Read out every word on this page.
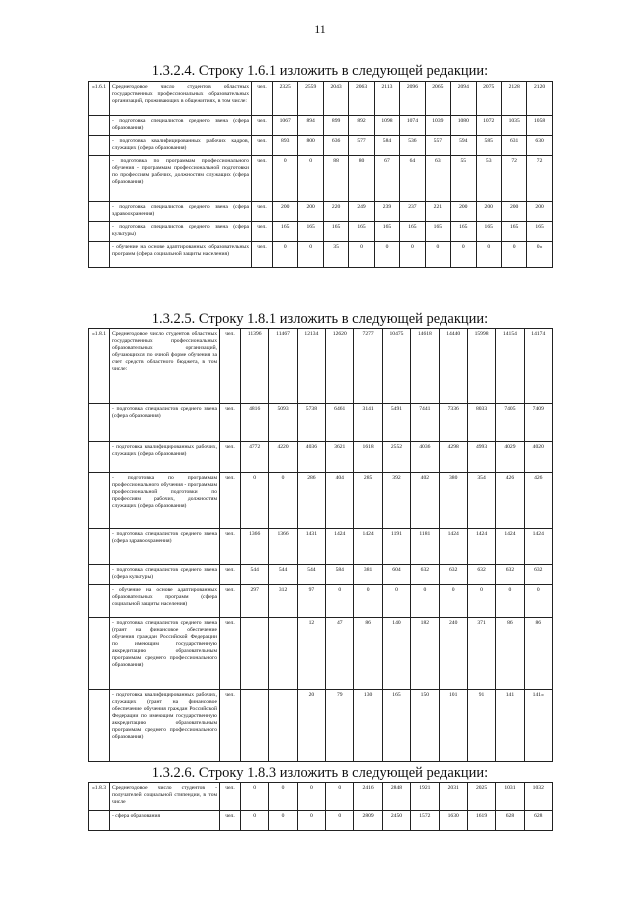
11
1.3.2.4. Строку 1.6.1 изложить в следующей редакции:
«1.6.1	Среднегодовое число студентов областных государственных профессиональных образовательных организаций, проживающих в общежитиях, в том числе:	чел.	2325	2559	2043	2063	2113	2096	2065	2094	2075	2128	2120
	- подготовка специалистов среднего звена (сфера образования)	чел.	1067	894	899	892	1098	1074	1039	1080	1072	1035	1058
	- подготовка квалифицированных рабочих кадров, служащих (сфера образования)	чел.	893	800	636	577	584	536	557	594	585	631	630
	- подготовка по программам профессионального обучения - программам профессиональной подготовки по профессиям рабочих, должностям служащих (сфера образования)	чел.	0	0	88	80	67	64	63	55	53	72	72
	- подготовка специалистов среднего звена (сфера здравоохранения)	чел.	200	200	220	249	239	237	221	200	200	200	200
	- подготовка специалистов среднего звена (сфера культуры)	чел.	165	165	165	165	165	165	165	165	165	165	165
	- обучение на основе адаптированных образовательных программ (сфера социальной защиты населения)	чел.	0	0	35	0	0	0	0	0	0	0	0»
1.3.2.5. Строку 1.8.1 изложить в следующей редакции:
«1.8.1	Среднегодовое число студентов областных государственных профессиональных образовательных организаций, обучающихся по очной форме обучения за счет средств областного бюджета, в том числе:	чел.	11396	11467	12134	12620	7277	10475	14618	14440	15998	14154	14174
	- подготовка специалистов среднего звена (сфера образования)	чел.	4816	5093	5738	6461	3141	5491	7441	7336	8033	7405	7409
	- подготовка квалифицированных рабочих, служащих (сфера образования)	чел.	4772	4220	4036	3621	1618	2552	4036	4298	4993	4029	4020
	- подготовка по программам профессионального обучения - программам профессиональной подготовки по профессиям рабочих, должностям служащих (сфера образования)	чел.	0	0	286	404	285	392	402	380	354	426	426
	- подготовка специалистов среднего звена (сфера здравоохранения)	чел.	1366	1366	1431	1424	1424	1191	1181	1424	1424	1424	1424
	- подготовка специалистов среднего звена (сфера культуры)	чел.	544	544	544	584	381	604	632	632	632	632	632
	- обучение на основе адаптированных образовательных программ (сфера социальной защиты населения)	чел.	297	312	97	0	0	0	0	0	0	0	0
	- подготовка специалистов среднего звена (грант на финансовое обеспечение обучения граждан Российской Федерации по имеющим государственную аккредитацию образовательным программам среднего профессионального образования)	чел.			12	47	86	140	182	240	371	86	86
	- подготовка квалифицированных рабочих, служащих (грант на финансовое обеспечение обучения граждан Российской Федерации по имеющим государственную аккредитацию образовательным программам среднего профессионального образования)	чел.			20	79	130	165	150	101	91	141	141»
1.3.2.6. Строку 1.8.3 изложить в следующей редакции:
«1.8.3	Среднегодовое число студентов - получателей социальной стипендии, в том числе	чел.	0	0	0	0	2416	2848	1921	2031	2025	1031	1032
	- сфера образования	чел.	0	0	0	0	2809	2450	1572	1630	1619	628	628
